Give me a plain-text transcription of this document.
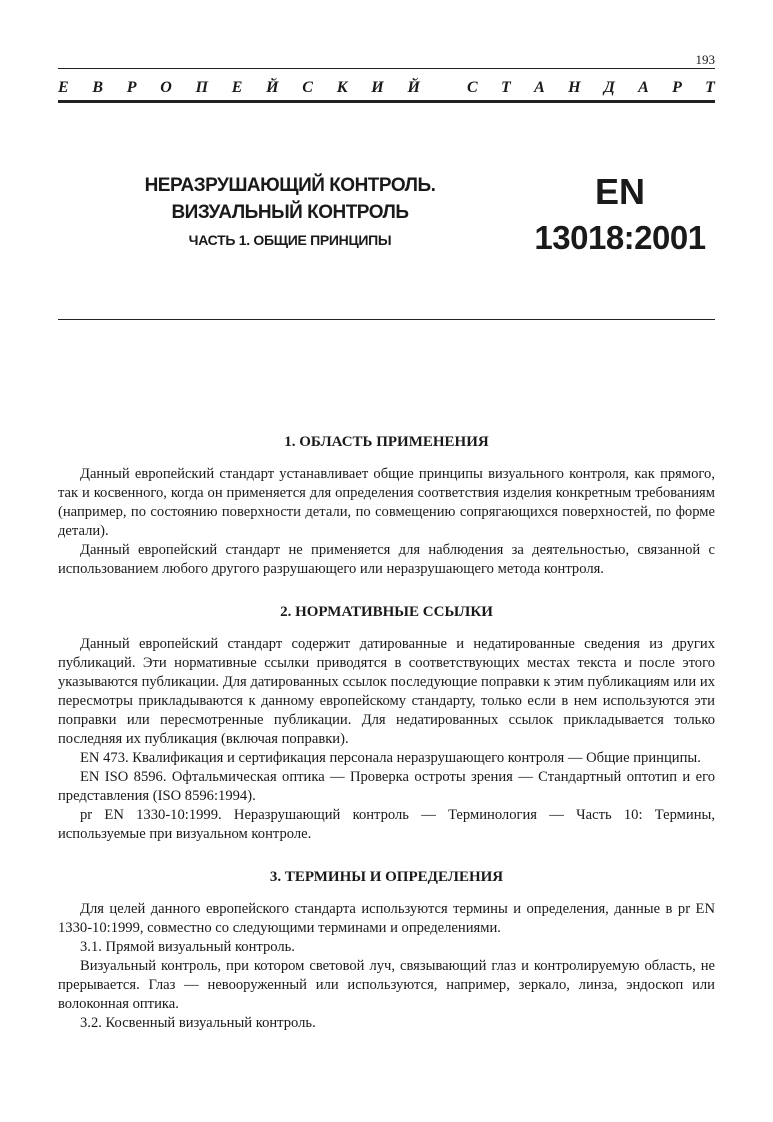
193
Е В Р О П Е Й С К И Й	С Т А Н Д А Р Т
НЕРАЗРУШАЮЩИЙ КОНТРОЛЬ.
ВИЗУАЛЬНЫЙ КОНТРОЛЬ
ЧАСТЬ 1. ОБЩИЕ ПРИНЦИПЫ
EN
13018:2001
1. ОБЛАСТЬ ПРИМЕНЕНИЯ

Данный европейский стандарт устанавливает общие принципы визуального контроля, как прямого, так и косвенного, когда он применяется для определения соответствия изделия конкретным требованиям (например, по состоянию поверхности детали, по совмещению сопрягающихся поверхностей, по форме детали).

Данный европейский стандарт не применяется для наблюдения за деятельностью, связанной с использованием любого другого разрушающего или неразрушающего метода контроля.

2. НОРМАТИВНЫЕ ССЫЛКИ

Данный европейский стандарт содержит датированные и недатированные сведения из других публикаций. Эти нормативные ссылки приводятся в соответствующих местах текста и после этого указываются публикации. Для датированных ссылок последующие поправки к этим публикациям или их пересмотры прикладываются к данному европейскому стандарту, только если в нем используются эти поправки или пересмотренные публикации. Для недатированных ссылок прикладывается только последняя их публикация (включая поправки).

EN 473. Квалификация и сертификация персонала неразрушающего контроля — Общие принципы.

EN ISO 8596. Офтальмическая оптика — Проверка остроты зрения — Стандартный оптотип и его представления (ISO 8596:1994).

pr EN 1330-10:1999. Неразрушающий контроль — Терминология — Часть 10: Термины, используемые при визуальном контроле.

3. ТЕРМИНЫ И ОПРЕДЕЛЕНИЯ

Для целей данного европейского стандарта используются термины и определения, данные в pr EN 1330-10:1999, совместно со следующими терминами и определениями.

3.1. Прямой визуальный контроль.

Визуальный контроль, при котором световой луч, связывающий глаз и контролируемую область, не прерывается. Глаз — невооруженный или используются, например, зеркало, линза, эндоскоп или волоконная оптика.

3.2. Косвенный визуальный контроль.
